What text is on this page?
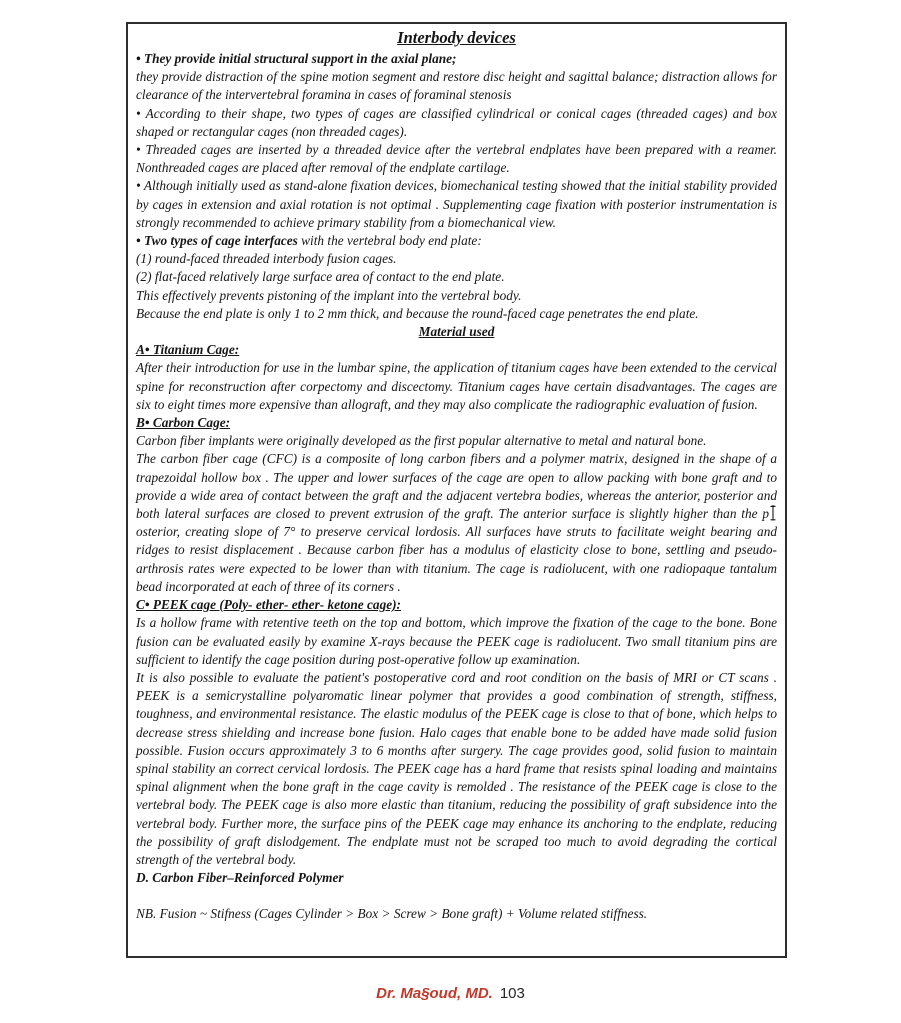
Interbody devices
• They provide initial structural support in the axial plane;

they provide distraction of the spine motion segment and restore disc height and sagittal balance; distraction allows for clearance of the intervertebral foramina in cases of foraminal stenosis

• According to their shape, two types of cages are classified cylindrical or conical cages (threaded cages) and box shaped or rectangular cages (non threaded cages).

• Threaded cages are inserted by a threaded device after the vertebral endplates have been prepared with a reamer. Nonthreaded cages are placed after removal of the endplate cartilage.

• Although initially used as stand-alone fixation devices, biomechanical testing showed that the initial stability provided by cages in extension and axial rotation is not optimal . Supplementing cage fixation with posterior instrumentation is strongly recommended to achieve primary stability from a biomechanical view.

• Two types of cage interfaces with the vertebral body end plate:

(1) round-faced threaded interbody fusion cages.
(2) flat-faced relatively large surface area of contact to the end plate.
This effectively prevents pistoning of the implant into the vertebral body.
Because the end plate is only 1 to 2 mm thick, and because the round-faced cage penetrates the end plate.
Material used
A• Titanium Cage:

After their introduction for use in the lumbar spine, the application of titanium cages have been extended to the cervical spine for reconstruction after corpectomy and discectomy. Titanium cages have certain disadvantages. The cages are six to eight times more expensive than allograft, and they may also complicate the radiographic evaluation of fusion.

B• Carbon Cage:
Carbon fiber implants were originally developed as the first popular alternative to metal and natural bone.

The carbon fiber cage (CFC) is a composite of long carbon fibers and a polymer matrix, designed in the shape of a trapezoidal hollow box . The upper and lower surfaces of the cage are open to allow packing with bone graft and to provide a wide area of contact between the graft and the adjacent vertebra bodies, whereas the anterior, posterior and both lateral surfaces are closed to prevent extrusion of the graft. The anterior surface is slightly higher than the posterior, creating slope of 7° to preserve cervical lordosis. All surfaces have struts to facilitate weight bearing and ridges to resist displacement . Because carbon fiber has a modulus of elasticity close to bone, settling and pseudo- arthrosis rates were expected to be lower than with titanium. The cage is radiolucent, with one radiopaque tantalum bead incorporated at each of three of its corners .

C• PEEK cage (Poly- ether- ether- ketone cage):

Is a hollow frame with retentive teeth on the top and bottom, which improve the fixation of the cage to the bone. Bone fusion can be evaluated easily by examine X-rays because the PEEK cage is radiolucent. Two small titanium pins are sufficient to identify the cage position during post-operative follow up examination.

It is also possible to evaluate the patient's postoperative cord and root condition on the basis of MRI or CT scans . PEEK is a semicrystalline polyaromatic linear polymer that provides a good combination of strength, stiffness, toughness, and environmental resistance. The elastic modulus of the PEEK cage is close to that of bone, which helps to decrease stress shielding and increase bone fusion. Halo cages that enable bone to be added have made solid fusion possible. Fusion occurs approximately 3 to 6 months after surgery. The cage provides good, solid fusion to maintain spinal stability an correct cervical lordosis. The PEEK cage has a hard frame that resists spinal loading and maintains spinal alignment when the bone graft in the cage cavity is remolded . The resistance of the PEEK cage is close to the vertebral body. The PEEK cage is also more elastic than titanium, reducing the possibility of graft subsidence into the vertebral body. Further more, the surface pins of the PEEK cage may enhance its anchoring to the endplate, reducing the possibility of graft dislodgement. The endplate must not be scraped too much to avoid degrading the cortical strength of the vertebral body.

D. Carbon Fiber–Reinforced Polymer
NB. Fusion ~ Stifness (Cages Cylinder > Box > Screw > Bone graft) + Volume related stiffness.
Dr. Ma§oud, MD. 103
